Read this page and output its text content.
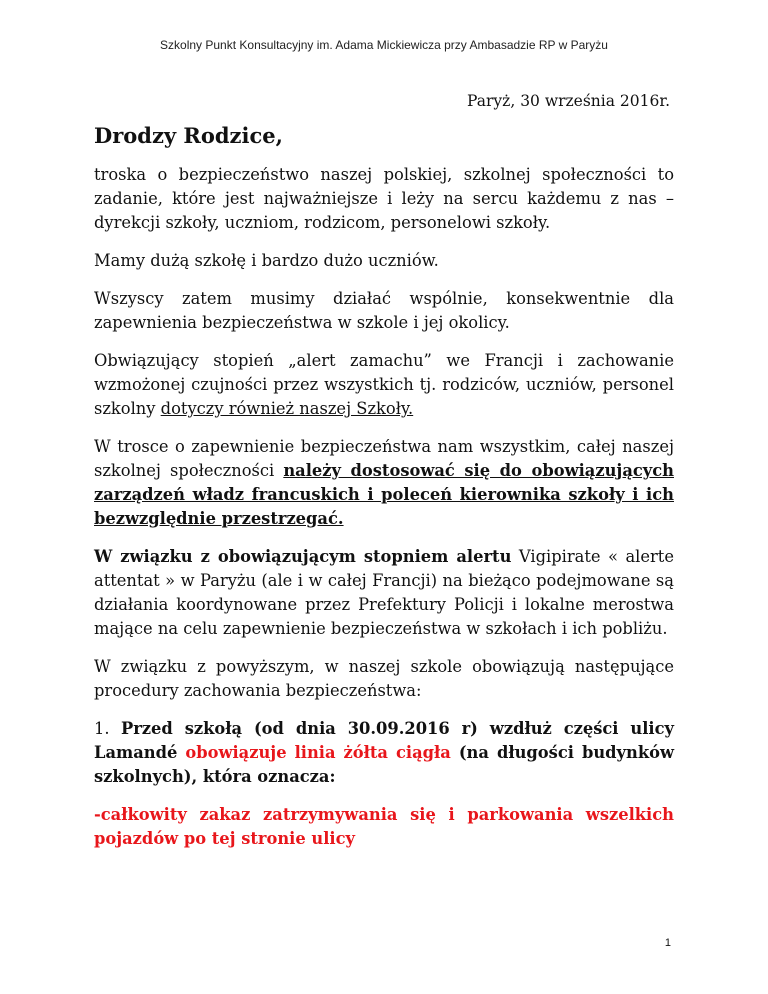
Szkolny Punkt Konsultacyjny im. Adama Mickiewicza przy Ambasadzie RP w Paryżu
Paryż, 30 września 2016r.
Drodzy Rodzice,

troska o bezpieczeństwo naszej polskiej, szkolnej społeczności to zadanie, które jest najważniejsze i leży na sercu każdemu z nas – dyrekcji szkoły, uczniom, rodzicom, personelowi szkoły.

Mamy dużą szkołę i bardzo dużo uczniów.

Wszyscy zatem musimy działać wspólnie, konsekwentnie dla zapewnienia bezpieczeństwa w szkole i jej okolicy.

Obwiązujący stopień „alert zamachu” we Francji i zachowanie wzmożonej czujności przez wszystkich tj. rodziców, uczniów, personel szkolny dotyczy również naszej Szkoły.

W trosce o zapewnienie bezpieczeństwa nam wszystkim, całej naszej szkolnej społeczności należy dostosować się do obowiązujących zarządzeń władz francuskich i poleceń kierownika szkoły i ich bezwzględnie przestrzegać.

W związku z obowiązującym stopniem alertu Vigipirate « alerte attentat » w Paryżu (ale i w całej Francji) na bieżąco podejmowane są działania koordynowane przez Prefektury Policji i lokalne merostwa mające na celu zapewnienie bezpieczeństwa w szkołach i ich pobliżu.

W związku z powyższym, w naszej szkole obowiązują następujące procedury zachowania bezpieczeństwa:

1. Przed szkołą (od dnia 30.09.2016 r) wzdłuż części ulicy Lamandé obowiązuje linia żółta ciągła (na długości budynków szkolnych), która oznacza:

-całkowity zakaz zatrzymywania się i parkowania wszelkich pojazdów po tej stronie ulicy

1
